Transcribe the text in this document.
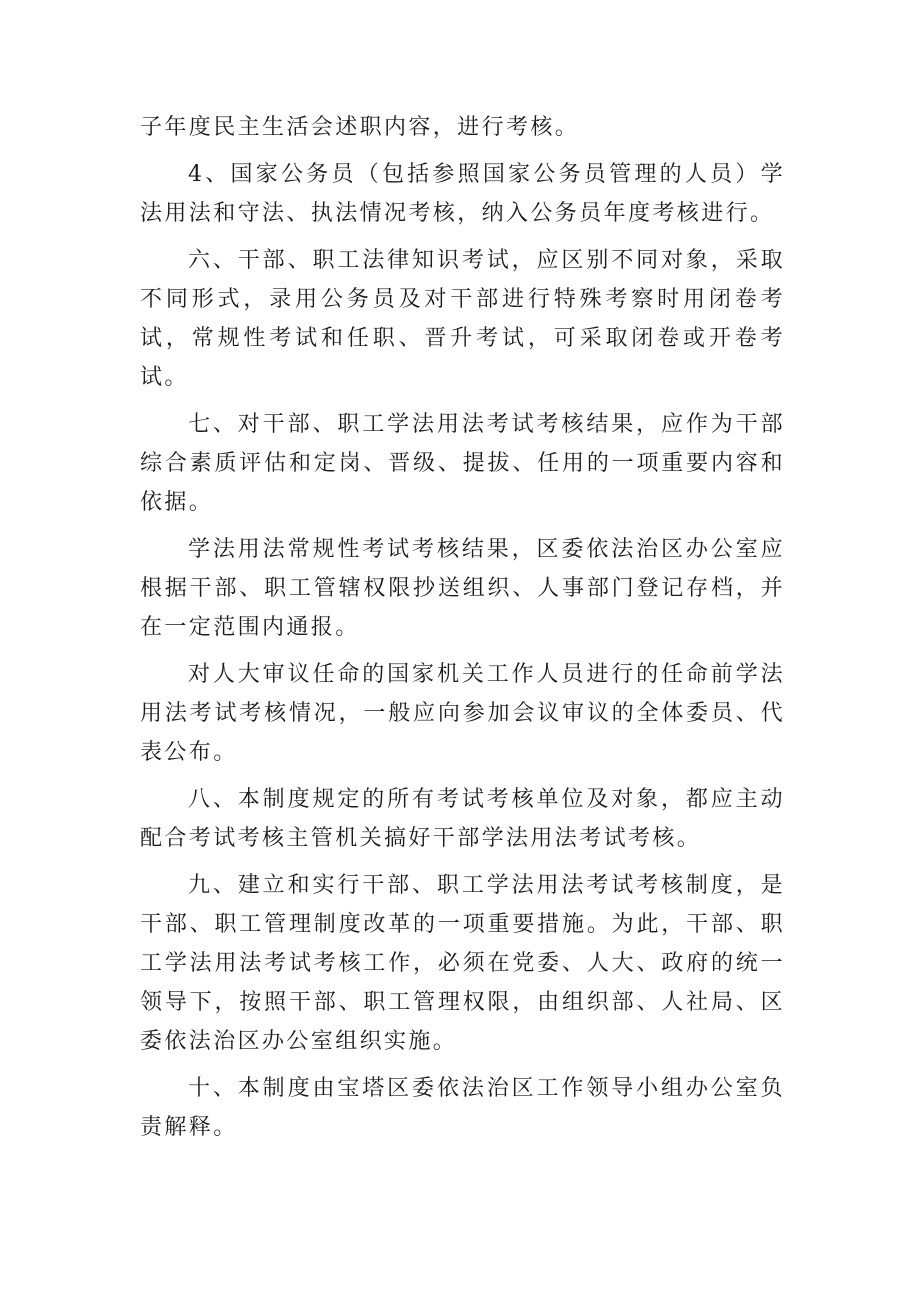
子年度民主生活会述职内容，进行考核。

4、国家公务员（包括参照国家公务员管理的人员）学法用法和守法、执法情况考核，纳入公务员年度考核进行。

六、干部、职工法律知识考试，应区别不同对象，采取不同形式，录用公务员及对干部进行特殊考察时用闭卷考试，常规性考试和任职、晋升考试，可采取闭卷或开卷考试。

七、对干部、职工学法用法考试考核结果，应作为干部综合素质评估和定岗、晋级、提拔、任用的一项重要内容和依据。

学法用法常规性考试考核结果，区委依法治区办公室应根据干部、职工管辖权限抄送组织、人事部门登记存档，并在一定范围内通报。

对人大审议任命的国家机关工作人员进行的任命前学法用法考试考核情况，一般应向参加会议审议的全体委员、代表公布。

八、本制度规定的所有考试考核单位及对象，都应主动配合考试考核主管机关搞好干部学法用法考试考核。

九、建立和实行干部、职工学法用法考试考核制度，是干部、职工管理制度改革的一项重要措施。为此，干部、职工学法用法考试考核工作，必须在党委、人大、政府的统一领导下，按照干部、职工管理权限，由组织部、人社局、区委依法治区办公室组织实施。

十、本制度由宝塔区委依法治区工作领导小组办公室负责解释。
